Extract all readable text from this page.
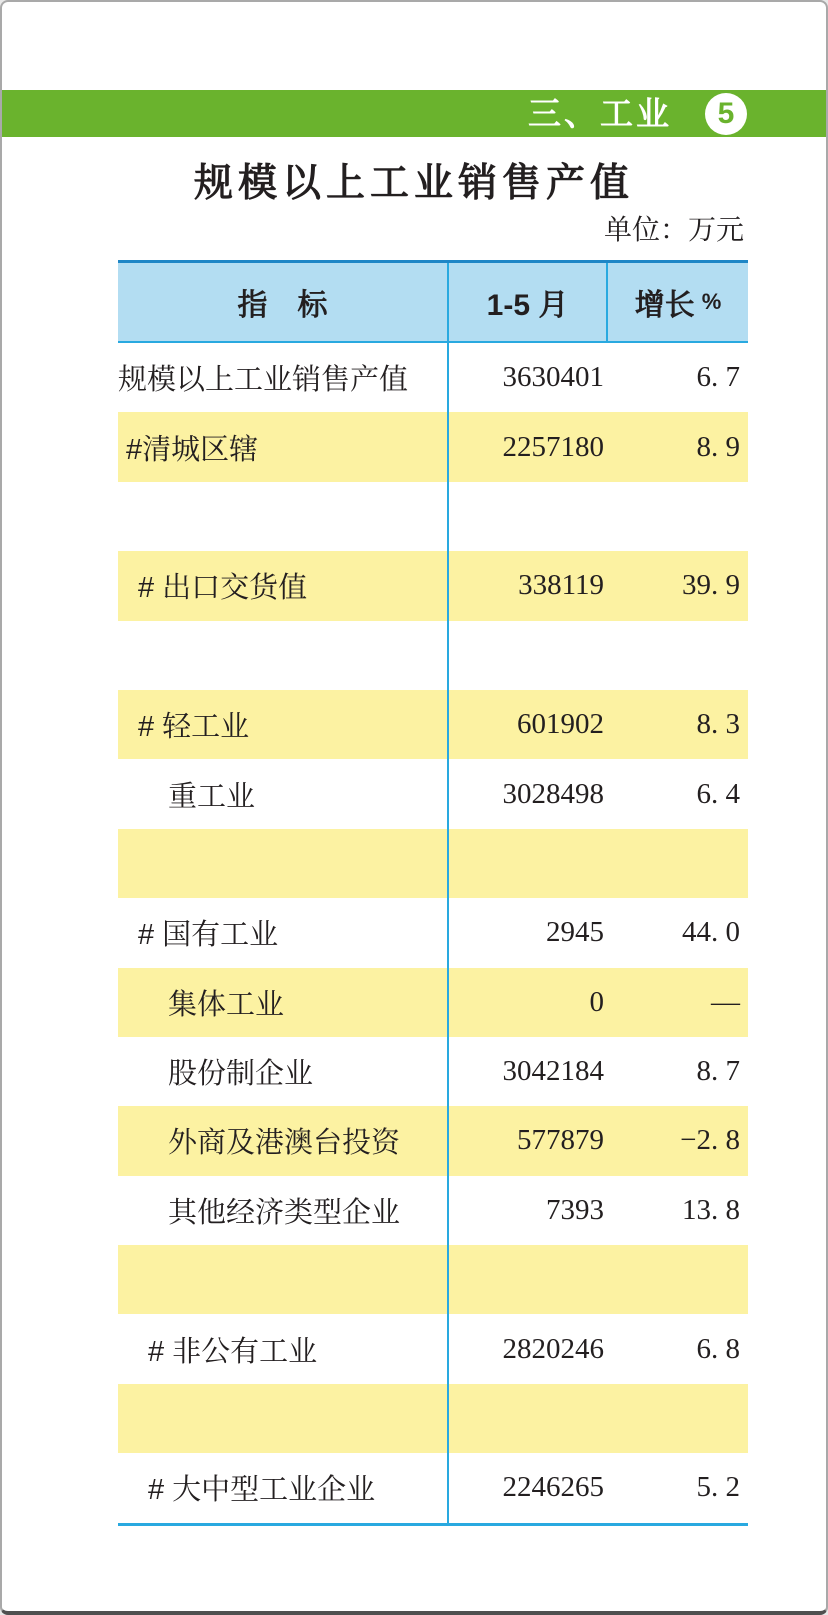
三、工业 5
规模以上工业销售产值
单位：万元
指　标	1-5 月	增长 %
规模以上工业销售产值	3630401	6. 7
#清城区辖	2257180	8. 9
# 出口交货值	338119	39. 9
# 轻工业	601902	8. 3
重工业	3028498	6. 4
# 国有工业	2945	44. 0
集体工业	0	—
股份制企业	3042184	8. 7
外商及港澳台投资	577879	−2. 8
其他经济类型企业	7393	13. 8
# 非公有工业	2820246	6. 8
# 大中型工业企业	2246265	5. 2
